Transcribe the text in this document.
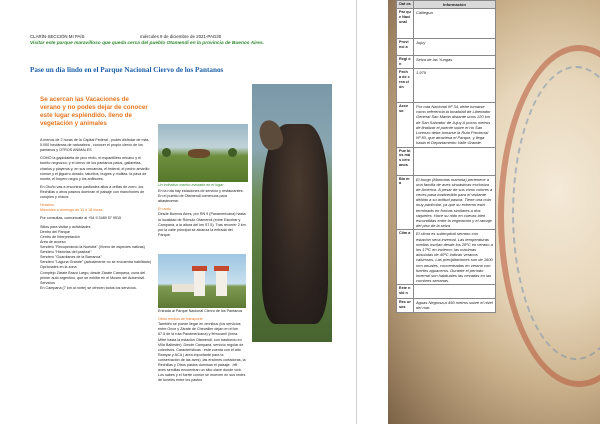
CLARÍN-SECCIÓN MI PAÍS	miércoles 9 de diciembre de 2021-PAG30
Visitar este parque maravilloso que queda cerca del pueblo Otamendi en la provincia de Buenos Aires.
Pase un día lindo en el Parque Nacional Ciervo de los Pantanos
Se acercan las Vacaciones de verano y no podes dejar de conocer este lugar esplendido. lleno de vegetación y animales

A menos de 2 horas de la Capital Federal , podés disfrutar de más 5.000 hectáreas de naturaleza , conocer el propio ciervo de los pantanos y OTROS ANIMALES

COMO la gaplolaleta de pico recto, el espantillero ericano y el burrito negruzco; y el ciervo de los pantanos patos, gallaretas, charlos y playeros y, en sus cercanías, el federal, el pecho amarillo común y el jilguero dorado, taturitos, bugres y mulitas. la pava de monte, el boyero negro y los anfibores.

En Otoño vas a encontrar pastizales altos a orillas de zorro ,los Rechillas o otros paseos dominan el paisaje con manchones de curupies y chicos

Horarios

Miercoles a domingo de 11 a 18 horas

Por consultas, comunicate al +54 9 3489 57 9515

Sitios para visitar y actividades
Dentro del Parque
Centro de Interpretación
Área de acceso
Sendero "Recuperando la Nuestra" (Vivero de especies nativas)
Sendero "Historias del pastizal"
Sendero "Guardianes de la Barranca"
Sendero "Laguna Grande" (actualmente no se encuentra habilitado)
Opcionales en la zona
Complejo Zárate Brazo Largo, desde Zárate Campana, cuna del primer auto argentino, que se exhibe en el Museo del Automóvil.
Servicios
En Campana (7 km al norte) se ofrecen todos los servicios.
Un individuo macho avistado en el lugar

En la ruta hay estaciones de servicio y restaurantes. En el pueblo de Otamendi comercios para abastecerse.

En auto

Desde Buenos Aires, por RN 9 (Panamericana) hasta la localidad de Rómulo Otamendi (entre Escobar y Campana, a la altura del km 57.5). Tras recorrer 2 km por la calle principal se alcanza la entrada del Parque.

Entrada al Parque Nacional Ciervo de los Pantanos

Otros medios de transporte

También se puede llegar en ómnibus (los servicios entre Once y Zárate de Chevallier dejan en el km 67.5 de la ruta Panamericana) y ferrocarril (línea Mitre hasta la estación Otamendi, con trasbordo en Villa Ballester). Desde Campana, servicio regular de colectivos. Características : este cuenta con el alto Ramyar y ACA ( área importante para la conservación de las aves) ,las encimes cortadoras, la Rechillas y Otros pastos dominan el paisaje. ,hfil aves semillas encuentran un sitio clave donde vivir. Los sabes y el fuerte común se mueven en sus redes de tuneles entre los pastos

Dat os	Información
Par que Naci onal	Calilegua
Provi nci a	Jujuy
Regi ón	Selva de las Yungas
Fech a de crea ción	1.979
Acce so	Por ruta Nacional Nº 34, debe tomarse como referencia la localidad de Libertador General San Martín distante unos 120 km de San Salvador de Jujuy A pocos metros de finalizar el puente sobre el río San Lorenzo debe tomarse la Ruta Provincial Nº 83, que atraviesa el Parque, y llega hasta el Departamento Valle Grande.
Pue blos más cerc anos	
Bio ma	El burgo (Mamotas mamota) pertenece a una familia de aves sinuásticas exclusiva de América. A pesar de sus vivos colores a veces pasa inadvertido para el visitante debido a su actitud pasiva. Tiene una cola muy particular, ya que su extremo está terminado en formas similares a dos raquetes. Hace su nido en cuevas bien escondidas entre la vegetación y el ramaje del piso de la selva
Clim a	El clima es subtropical serrano con estación seca invernal. Las temperaturas medias oscilan desde los 28ºC en verano a los 17ºC en invierno; las máximas absolutas de 40ºC indican veranos calurosos. Las precipitaciones son de 1600 mm anuales, concentradas en verano con fuertes aguaceros. Durante el período invernal son habituales las nevadas en las cumbres serranas.
Exte nsió n	
Rec ursos	Aguas Negrosa,a 450 metros sobre el nivel del mar.
